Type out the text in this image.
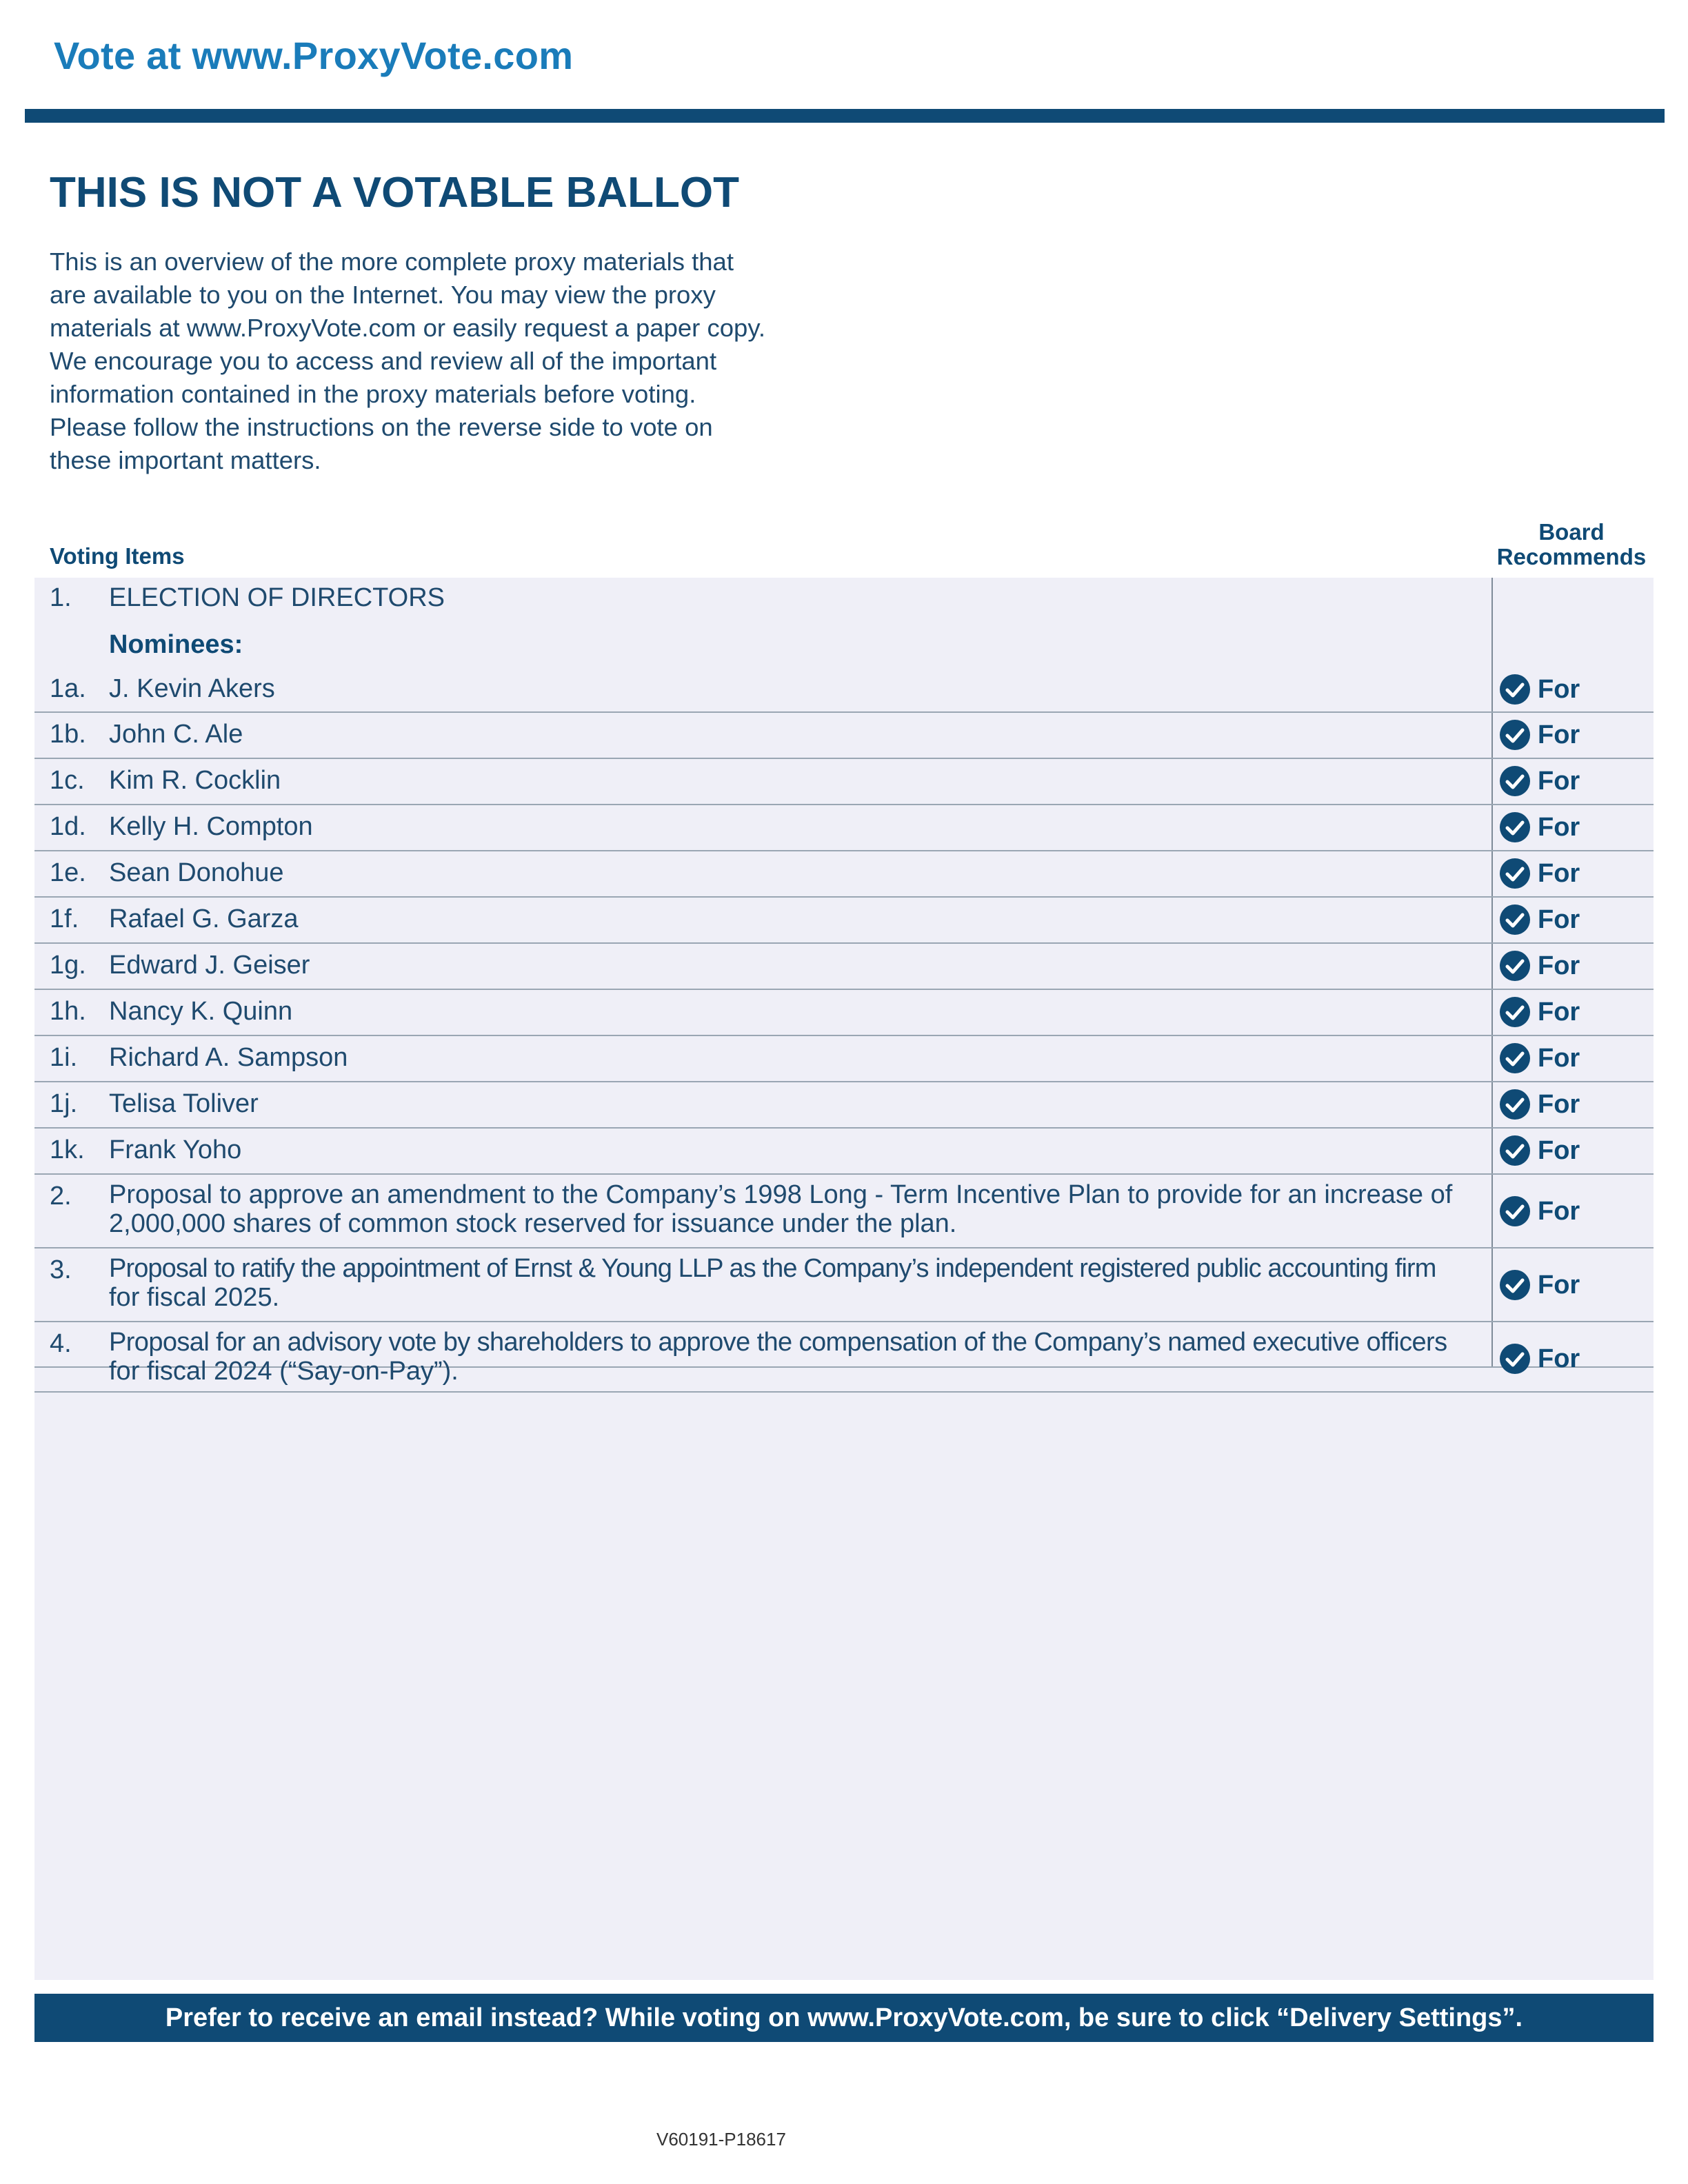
Vote at www.ProxyVote.com
THIS IS NOT A VOTABLE BALLOT
This is an overview of the more complete proxy materials that
are available to you on the Internet. You may view the proxy
materials at www.ProxyVote.com or easily request a paper copy.
We encourage you to access and review all of the important
information contained in the proxy materials before voting.
Please follow the instructions on the reverse side to vote on
these important matters.
Voting Items
Board
Recommends
1. ELECTION OF DIRECTORS
Nominees:
1a. J. Kevin Akers	For
1b. John C. Ale	For
1c. Kim R. Cocklin	For
1d. Kelly H. Compton	For
1e. Sean Donohue	For
1f. Rafael G. Garza	For
1g. Edward J. Geiser	For
1h. Nancy K. Quinn	For
1i. Richard A. Sampson	For
1j. Telisa Toliver	For
1k. Frank Yoho	For
2. Proposal to approve an amendment to the Company’s 1998 Long - Term Incentive Plan to provide for an increase of
2,000,000 shares of common stock reserved for issuance under the plan.	For
3. Proposal to ratify the appointment of Ernst & Young LLP as the Company’s independent registered public accounting firm
for fiscal 2025.	For
4. Proposal for an advisory vote by shareholders to approve the compensation of the Company’s named executive officers
for fiscal 2024 (“Say-on-Pay”).	For
Prefer to receive an email instead? While voting on www.ProxyVote.com, be sure to click “Delivery Settings”.
V60191-P18617
